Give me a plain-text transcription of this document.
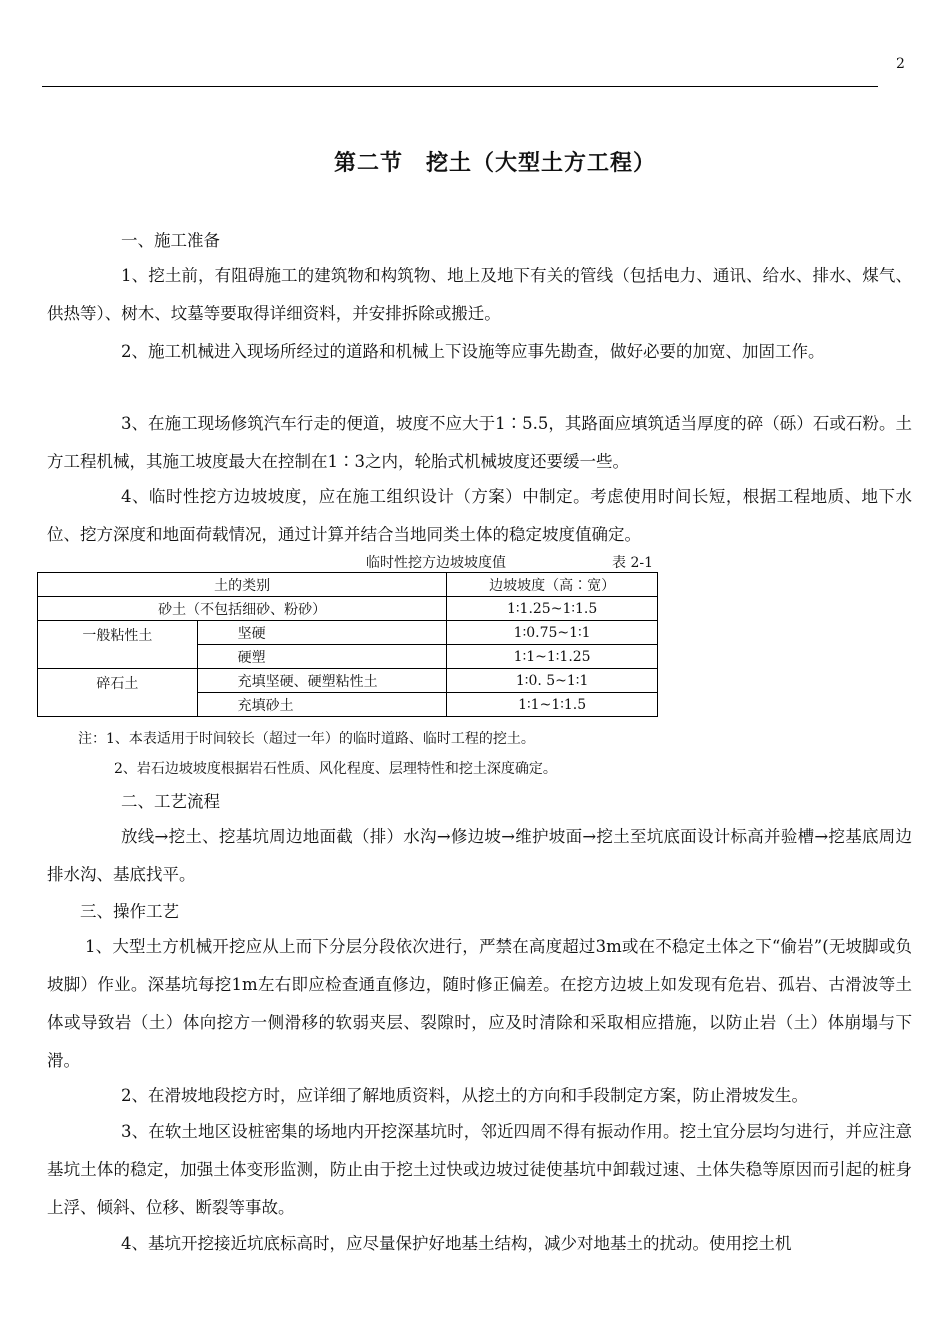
2
第二节　挖土（大型土方工程）
一、施工准备

1、挖土前，有阻碍施工的建筑物和构筑物、地上及地下有关的管线（包括电力、通讯、给水、排水、煤气、供热等）、树木、坟墓等要取得详细资料，并安排拆除或搬迁。

2、施工机械进入现场所经过的道路和机械上下设施等应事先勘查，做好必要的加宽、加固工作。

3、在施工现场修筑汽车行走的便道，坡度不应大于1∶5.5，其路面应填筑适当厚度的碎（砾）石或石粉。土方工程机械，其施工坡度最大在控制在1∶3之内，轮胎式机械坡度还要缓一些。

4、临时性挖方边坡坡度，应在施工组织设计（方案）中制定。考虑使用时间长短，根据工程地质、地下水位、挖方深度和地面荷载情况，通过计算并结合当地同类土体的稳定坡度值确定。

临时性挖方边坡坡度值	表 2-1
土的类别		边坡坡度（高∶宽）
砂土（不包括细砂、粉砂）		1∶1.25~1∶1.5
一般粘性土	坚硬	1∶0.75~1∶1
	硬塑	1∶1~1∶1.25
碎石土	充填坚硬、硬塑粘性土	1∶0. 5~1∶1
	充填砂土	1∶1~1∶1.5
注：1、本表适用于时间较长（超过一年）的临时道路、临时工程的挖土。
2、岩石边坡坡度根据岩石性质、风化程度、层理特性和挖土深度确定。
二、工艺流程

放线→挖土、挖基坑周边地面截（排）水沟→修边坡→维护坡面→挖土至坑底面设计标高并验槽→挖基底周边排水沟、基底找平。

三、操作工艺

1、大型土方机械开挖应从上而下分层分段依次进行，严禁在高度超过3m或在不稳定土体之下“偷岩”(无坡脚或负坡脚）作业。深基坑每挖1m左右即应检查通直修边，随时修正偏差。在挖方边坡上如发现有危岩、孤岩、古滑波等土体或导致岩（土）体向挖方一侧滑移的软弱夹层、裂隙时，应及时清除和采取相应措施，以防止岩（土）体崩塌与下滑。

2、在滑坡地段挖方时，应详细了解地质资料，从挖土的方向和手段制定方案，防止滑坡发生。

3、在软土地区设桩密集的场地内开挖深基坑时，邻近四周不得有振动作用。挖土宜分层均匀进行，并应注意基坑土体的稳定，加强土体变形监测，防止由于挖土过快或边坡过徒使基坑中卸载过速、土体失稳等原因而引起的桩身上浮、倾斜、位移、断裂等事故。

4、基坑开挖接近坑底标高时，应尽量保护好地基土结构，减少对地基土的扰动。使用挖土机
